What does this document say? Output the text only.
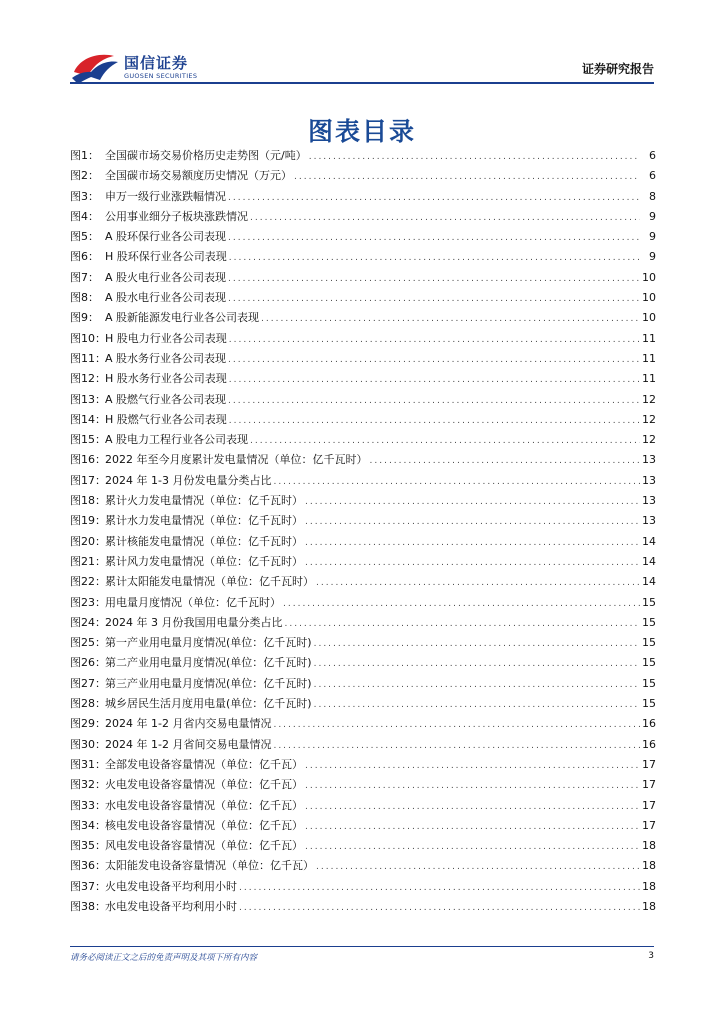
国信证券
GUOSEN SECURITIES	证券研究报告
图表目录
图1： 全国碳市场交易价格历史走势图（元/吨） .....	6
图2： 全国碳市场交易额度历史情况（万元） .....	6
图3： 申万一级行业涨跌幅情况 .....	8
图4： 公用事业细分子板块涨跌情况 .....	9
图5： A 股环保行业各公司表现 .....	9
图6： H 股环保行业各公司表现 .....	9
图7： A 股火电行业各公司表现 .....	10
图8： A 股水电行业各公司表现 .....	10
图9： A 股新能源发电行业各公司表现 .....	10
图10： H 股电力行业各公司表现 .....	11
图11： A 股水务行业各公司表现 .....	11
图12： H 股水务行业各公司表现 .....	11
图13： A 股燃气行业各公司表现 .....	12
图14： H 股燃气行业各公司表现 .....	12
图15： A 股电力工程行业各公司表现 .....	12
图16： 2022 年至今月度累计发电量情况（单位：亿千瓦时） .....	13
图17： 2024 年 1-3 月份发电量分类占比 .....	13
图18： 累计火力发电量情况（单位：亿千瓦时） .....	13
图19： 累计水力发电量情况（单位：亿千瓦时） .....	13
图20： 累计核能发电量情况（单位：亿千瓦时） .....	14
图21： 累计风力发电量情况（单位：亿千瓦时） .....	14
图22： 累计太阳能发电量情况（单位：亿千瓦时） .....	14
图23： 用电量月度情况（单位：亿千瓦时） .....	15
图24： 2024 年 3 月份我国用电量分类占比 .....	15
图25： 第一产业用电量月度情况(单位：亿千瓦时) .....	15
图26： 第二产业用电量月度情况(单位：亿千瓦时) .....	15
图27： 第三产业用电量月度情况(单位：亿千瓦时) .....	15
图28： 城乡居民生活月度用电量(单位：亿千瓦时) .....	15
图29： 2024 年 1-2 月省内交易电量情况 .....	16
图30： 2024 年 1-2 月省间交易电量情况 .....	16
图31： 全部发电设备容量情况（单位：亿千瓦） .....	17
图32： 火电发电设备容量情况（单位：亿千瓦） .....	17
图33： 水电发电设备容量情况（单位：亿千瓦） .....	17
图34： 核电发电设备容量情况（单位：亿千瓦） .....	17
图35： 风电发电设备容量情况（单位：亿千瓦） .....	18
图36： 太阳能发电设备容量情况（单位：亿千瓦） .....	18
图37： 火电发电设备平均利用小时 .....	18
图38： 水电发电设备平均利用小时 .....	18
请务必阅读正文之后的免责声明及其项下所有内容	3
